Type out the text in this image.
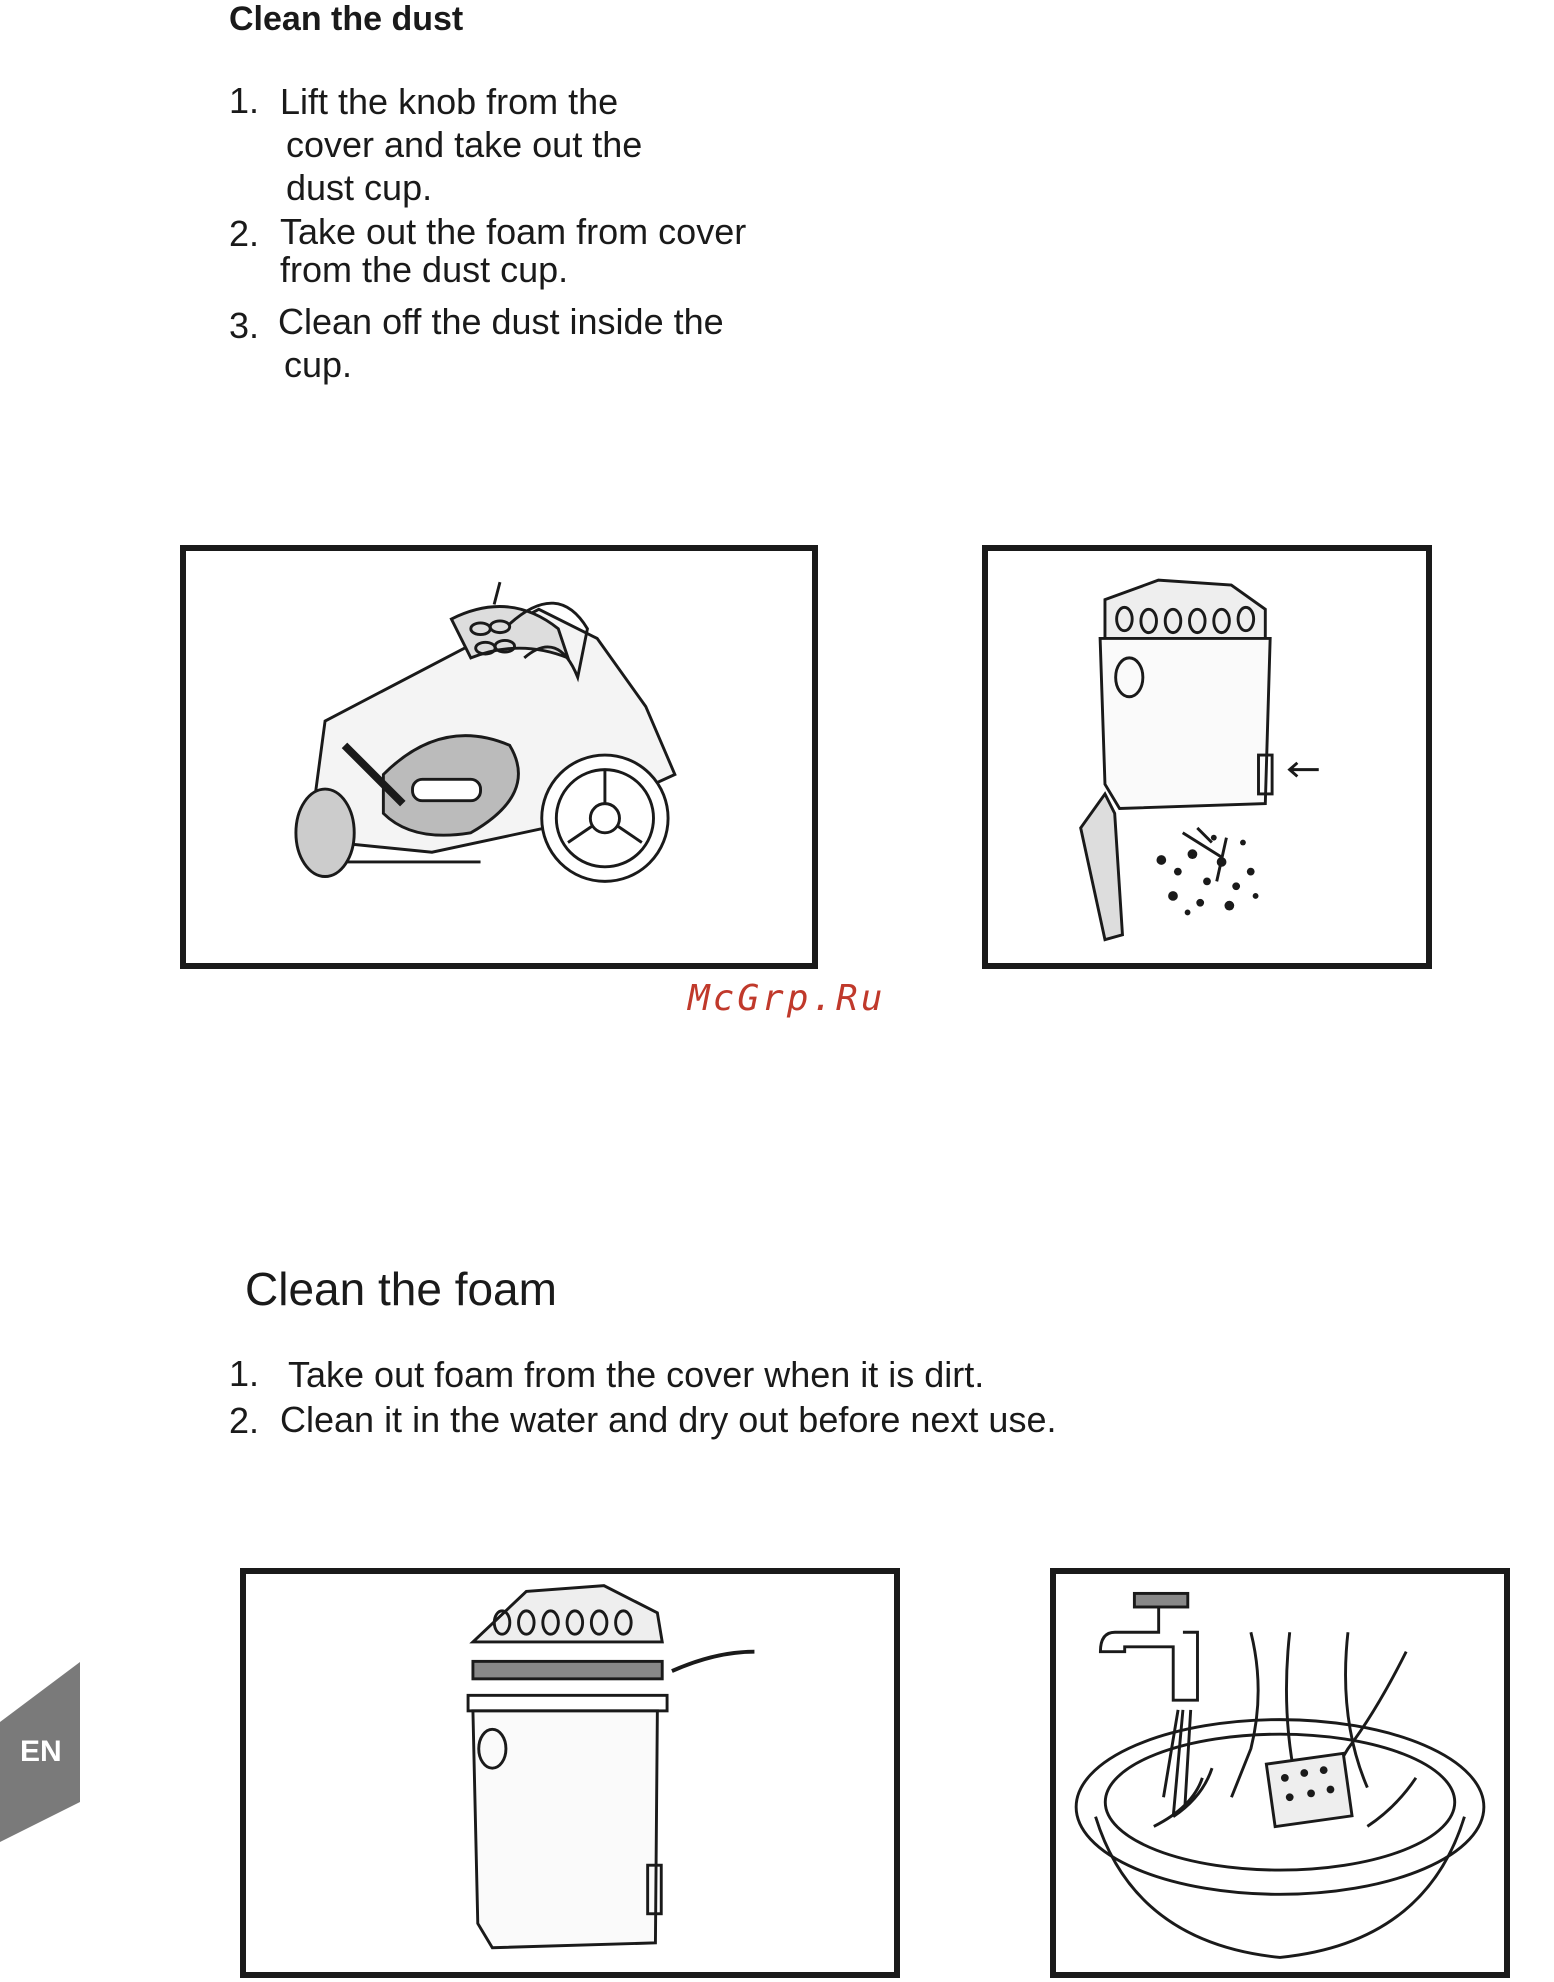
Clean the dust
1. Lift the knob from the
cover and take out the
dust cup.
2. Take out the foam from cover
from the dust cup.
3. Clean off the dust inside the
cup.
McGrp.Ru
Clean the foam
1. Take out foam from the cover when it is dirt.
2. Clean it in the water and dry out before next use.
EN
